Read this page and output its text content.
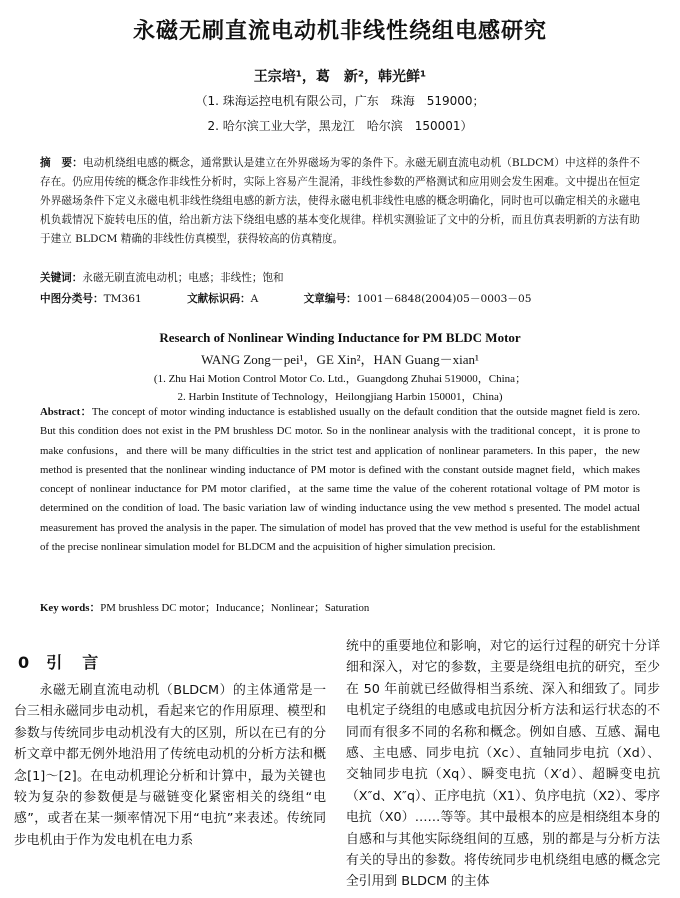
永磁无刷直流电动机非线性绕组电感研究
王宗培¹，葛　新²，韩光鲜¹
（1. 珠海运控电机有限公司，广东　珠海　519000；
2. 哈尔滨工业大学，黑龙江　哈尔滨　150001）
摘　要：电动机绕组电感的概念，通常默认是建立在外界磁场为零的条件下。永磁无刷直流电动机（BLDCM）中这样的条件不存在。仍应用传统的概念作非线性分析时，实际上容易产生混淆，非线性参数的严格测试和应用则会发生困难。文中提出在恒定外界磁场条件下定义永磁电机非线性绕组电感的新方法，使得永磁电机非线性电感的概念明确化，同时也可以确定相关的永磁电机负载情况下旋转电压的值，给出新方法下绕组电感的基本变化规律。样机实测验证了文中的分析，而且仿真表明新的方法有助于建立 BLDCM 精确的非线性仿真模型，获得较高的仿真精度。
关键词：永磁无刷直流电动机；电感；非线性；饱和
中图分类号：TM361	文献标识码：A	文章编号：1001－6848(2004)05－0003－05
Research of Nonlinear Winding Inductance for PM BLDC Motor
WANG Zong－pei¹，GE Xin²，HAN Guang－xian¹
(1. Zhu Hai Motion Control Motor Co. Ltd.，Guangdong Zhuhai 519000，China；
2. Harbin Institute of Technology，Heilongjiang Harbin 150001，China)
Abstract：The concept of motor winding inductance is established usually on the default condition that the outside magnet field is zero. But this condition does not exist in the PM brushless DC motor. So in the nonlinear analysis with the traditional concept，it is prone to make confusions，and there will be many difficulties in the strict test and application of nonlinear parameters. In this paper，the new method is presented that the nonlinear winding inductance of PM motor is defined with the constant outside magnet field，which makes concept of nonlinear inductance for PM motor clarified，at the same time the value of the coherent rotational voltage of PM motor is determined on the condition of load. The basic variation law of winding inductance using the vew method s presented. The model actual measurement has proved the analysis in the paper. The simulation of model has proved that the vew method is useful for the establishment of the precise nonlinear simulation model for BLDCM and the acpuisition of higher simulation precision.
Key words：PM brushless DC motor；Inducance；Nonlinear；Saturation
0 引　言
永磁无刷直流电动机（BLDCM）的主体通常是一台三相永磁同步电动机，看起来它的作用原理、模型和参数与传统同步电动机没有大的区别，所以在已有的分析文章中都无例外地沿用了传统电动机的分析方法和概念[1]～[2]。在电动机理论分析和计算中，最为关键也较为复杂的参数便是与磁链变化紧密相关的绕组“电感”，或者在某一频率情况下用“电抗”来表述。传统同步电机由于作为发电机在电力系
统中的重要地位和影响，对它的运行过程的研究十分详细和深入，对它的参数，主要是绕组电抗的研究，至少在 50 年前就已经做得相当系统、深入和细致了。同步电机定子绕组的电感或电抗因分析方法和运行状态的不同而有很多不同的名称和概念。例如自感、互感、漏电感、主电感、同步电抗（Xc）、直轴同步电抗（Xd）、交轴同步电抗（Xq）、瞬变电抗（X′d）、超瞬变电抗（X″d、X″q）、正序电抗（X1）、负序电抗（X2）、零序电抗（X0）……等等。其中最根本的应是相绕组本身的自感和与其他实际绕组间的互感，别的都是与分析方法有关的导出的参数。将传统同步电机绕组电感的概念完全引用到 BLDCM 的主体
